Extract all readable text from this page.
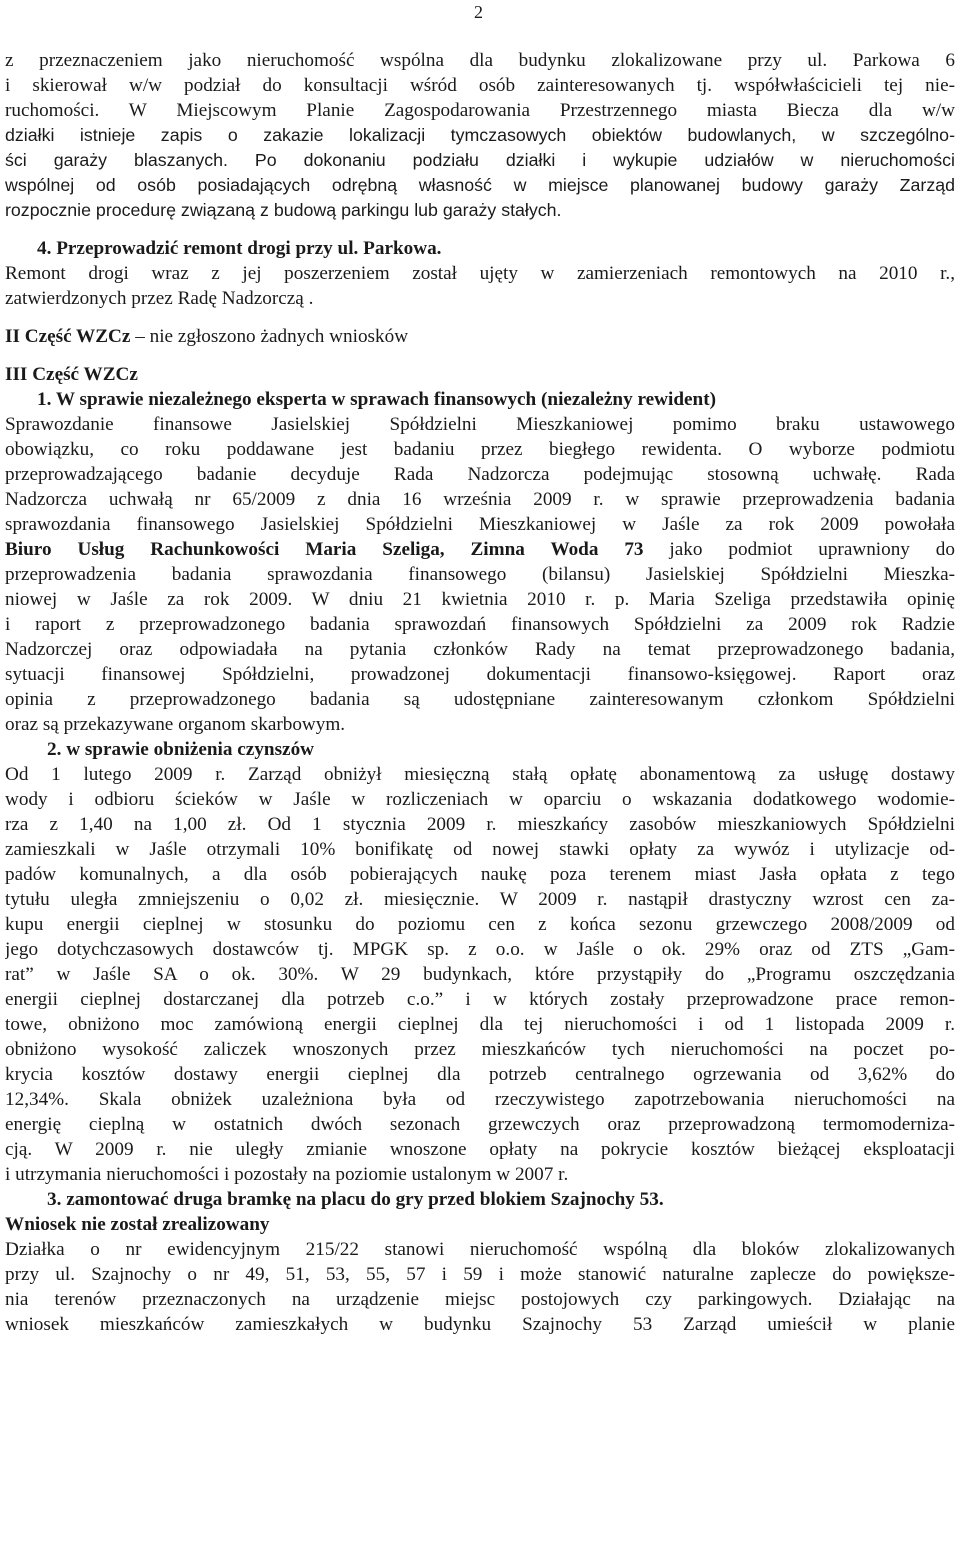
2
z przeznaczeniem jako nieruchomość wspólna dla budynku zlokalizowane przy ul. Parkowa 6
i skierował w/w podział do konsultacji wśród osób zainteresowanych tj. współwłaścicieli tej nie-
ruchomości. W Miejscowym Planie Zagospodarowania Przestrzennego miasta Biecza dla w/w
działki istnieje zapis o zakazie lokalizacji tymczasowych obiektów budowlanych, w szczególno-
ści garaży blaszanych. Po dokonaniu podziału działki i wykupie udziałów w nieruchomości
wspólnej od osób posiadających odrębną własność w miejsce planowanej budowy garaży Zarząd
rozpocznie procedurę związaną z budową parkingu lub garaży stałych.
4. Przeprowadzić remont drogi przy ul. Parkowa.
Remont drogi wraz z jej poszerzeniem został ujęty w zamierzeniach remontowych na 2010 r.,
zatwierdzonych przez Radę Nadzorczą .
II Część WZCz – nie zgłoszono żadnych wniosków
III Część WZCz
1. W sprawie niezależnego eksperta w sprawach finansowych (niezależny rewident)
Sprawozdanie finansowe Jasielskiej Spółdzielni Mieszkaniowej pomimo braku ustawowego
obowiązku, co roku poddawane jest badaniu przez biegłego rewidenta. O wyborze podmiotu
przeprowadzającego badanie decyduje Rada Nadzorcza podejmując stosowną uchwałę. Rada
Nadzorcza uchwałą nr 65/2009 z dnia 16 września 2009 r. w sprawie przeprowadzenia badania
sprawozdania finansowego Jasielskiej Spółdzielni Mieszkaniowej w Jaśle za rok 2009 powołała
Biuro Usług Rachunkowości Maria Szeliga, Zimna Woda 73 jako podmiot uprawniony do
przeprowadzenia badania sprawozdania finansowego (bilansu) Jasielskiej Spółdzielni Mieszka-
niowej w Jaśle za rok 2009. W dniu 21 kwietnia 2010 r. p. Maria Szeliga przedstawiła opinię
i raport z przeprowadzonego badania sprawozdań finansowych Spółdzielni za 2009 rok Radzie
Nadzorczej oraz odpowiadała na pytania członków Rady na temat przeprowadzonego badania,
sytuacji finansowej Spółdzielni, prowadzonej dokumentacji finansowo-księgowej. Raport oraz
opinia z przeprowadzonego badania są udostępniane zainteresowanym członkom Spółdzielni
oraz są przekazywane organom skarbowym.
2. w sprawie obniżenia czynszów
Od 1 lutego 2009 r. Zarząd obniżył miesięczną stałą opłatę abonamentową za usługę dostawy
wody i odbioru ścieków w Jaśle w rozliczeniach w oparciu o wskazania dodatkowego wodomie-
rza z 1,40 na 1,00 zł. Od 1 stycznia 2009 r. mieszkańcy zasobów mieszkaniowych Spółdzielni
zamieszkali w Jaśle otrzymali 10% bonifikatę od nowej stawki opłaty za wywóz i utylizacje od-
padów komunalnych, a dla osób pobierających naukę poza terenem miast Jasła opłata z tego
tytułu uległa zmniejszeniu o 0,02 zł. miesięcznie. W 2009 r. nastąpił drastyczny wzrost cen za-
kupu energii cieplnej w stosunku do poziomu cen z końca sezonu grzewczego 2008/2009 od
jego dotychczasowych dostawców tj. MPGK sp. z o.o. w Jaśle o ok. 29% oraz od ZTS „Gam-
rat” w Jaśle SA o ok. 30%. W 29 budynkach, które przystąpiły do „Programu oszczędzania
energii cieplnej dostarczanej dla potrzeb c.o.” i w których zostały przeprowadzone prace remon-
towe, obniżono moc zamówioną energii cieplnej dla tej nieruchomości i od 1 listopada 2009 r.
obniżono wysokość zaliczek wnoszonych przez mieszkańców tych nieruchomości na poczet po-
krycia kosztów dostawy energii cieplnej dla potrzeb centralnego ogrzewania od 3,62% do
12,34%. Skala obniżek uzależniona była od rzeczywistego zapotrzebowania nieruchomości na
energię cieplną w ostatnich dwóch sezonach grzewczych oraz przeprowadzoną termomoderniza-
cją. W 2009 r. nie uległy zmianie wnoszone opłaty na pokrycie kosztów bieżącej eksploatacji
i utrzymania nieruchomości i pozostały na poziomie ustalonym w 2007 r.
3. zamontować druga bramkę na placu do gry przed blokiem Szajnochy 53.
Wniosek nie został zrealizowany
Działka o nr ewidencyjnym 215/22 stanowi nieruchomość wspólną dla bloków zlokalizowanych
przy ul. Szajnochy o nr 49, 51, 53, 55, 57 i 59 i może stanowić naturalne zaplecze do powiększe-
nia terenów przeznaczonych na urządzenie miejsc postojowych czy parkingowych. Działając na
wniosek mieszkańców zamieszkałych w budynku Szajnochy 53 Zarząd umieścił w planie
